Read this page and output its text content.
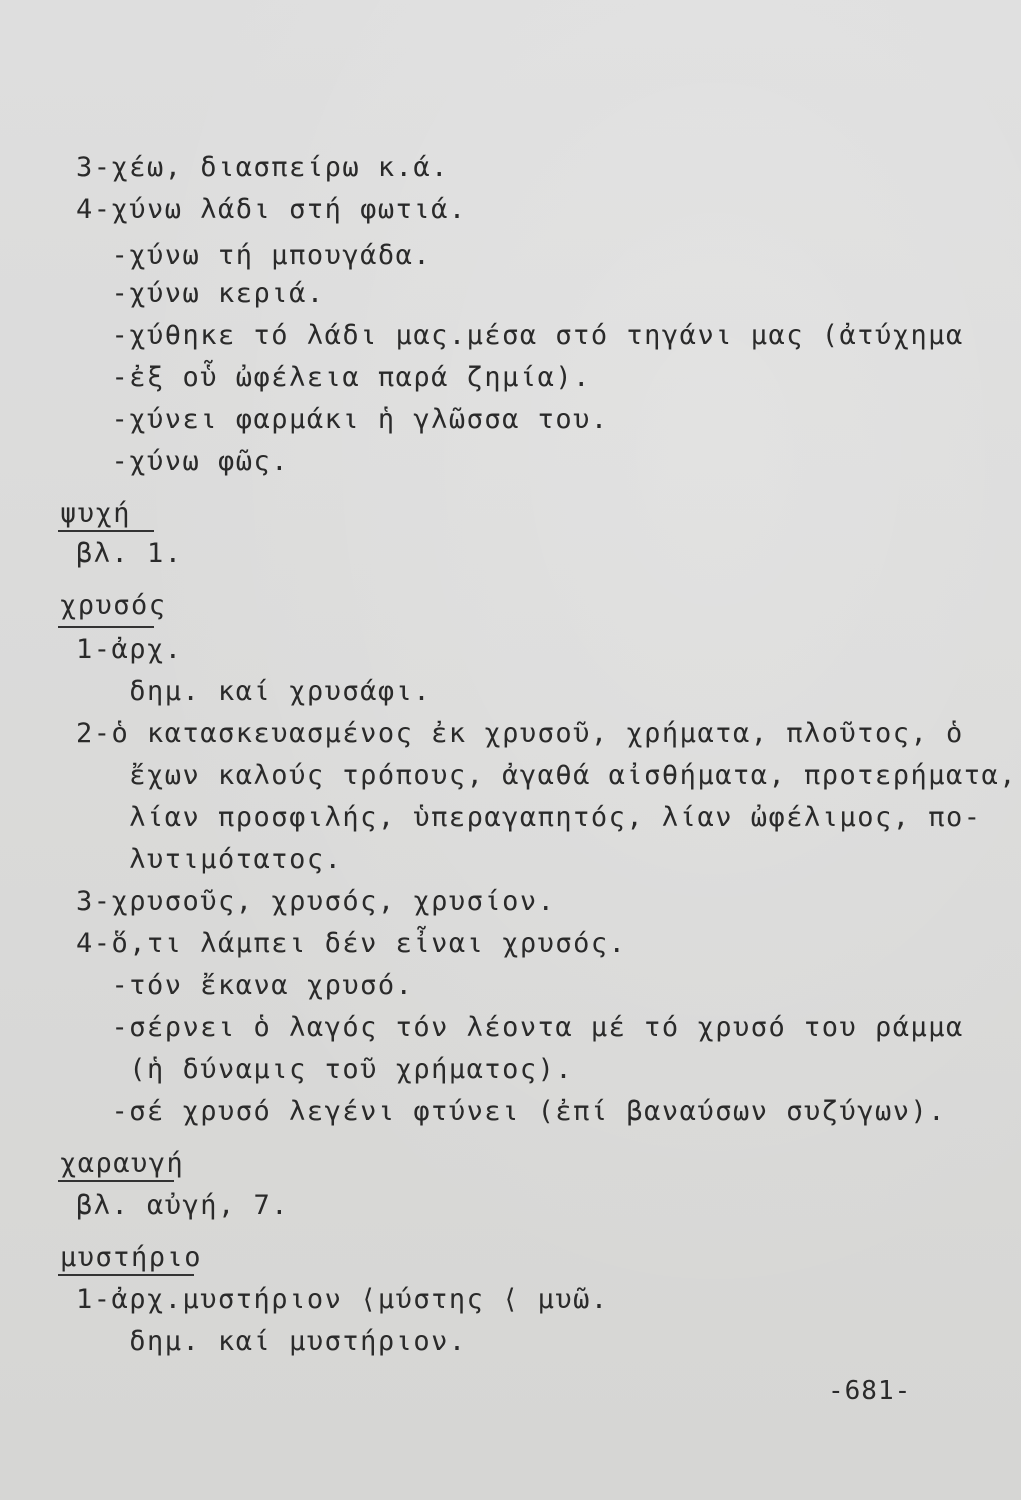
3-χέω, διασπείρω κ.ά.
4-χύνω λάδι στή φωτιά.
-χύνω τή μπουγάδα.
-χύνω κεριά.
-χύθηκε τό λάδι μας.μέσα στό τηγάνι μας (ἀτύχημα
-ἐξ οὗ ὠφέλεια παρά ζημία).
-χύνει φαρμάκι ἡ γλῶσσα του.
-χύνω φῶς.
ψυχή
βλ. 1.
χρυσός
1-ἀρχ.
δημ. καί χρυσάφι.
2-ὁ κατασκευασμένος ἐκ χρυσοῦ, χρήματα, πλοῦτος, ὁ
ἔχων καλούς τρόπους, ἀγαθά αἰσθήματα, προτερήματα,
λίαν προσφιλής, ὑπεραγαπητός, λίαν ὠφέλιμος, πο-
λυτιμότατος.
3-χρυσοῦς, χρυσός, χρυσίον.
4-ὅ,τι λάμπει δέν εἶναι χρυσός.
-τόν ἔκανα χρυσό.
-σέρνει ὁ λαγός τόν λέοντα μέ τό χρυσό του ράμμα
(ἡ δύναμις τοῦ χρήματος).
-σέ χρυσό λεγένι φτύνει (ἐπί βαναύσων συζύγων).
χαραυγή
βλ. αὐγή, 7.
μυστήριο
1-ἀρχ.μυστήριον ⟨μύστης ⟨ μυῶ.
δημ. καί μυστήριον.
-681-
